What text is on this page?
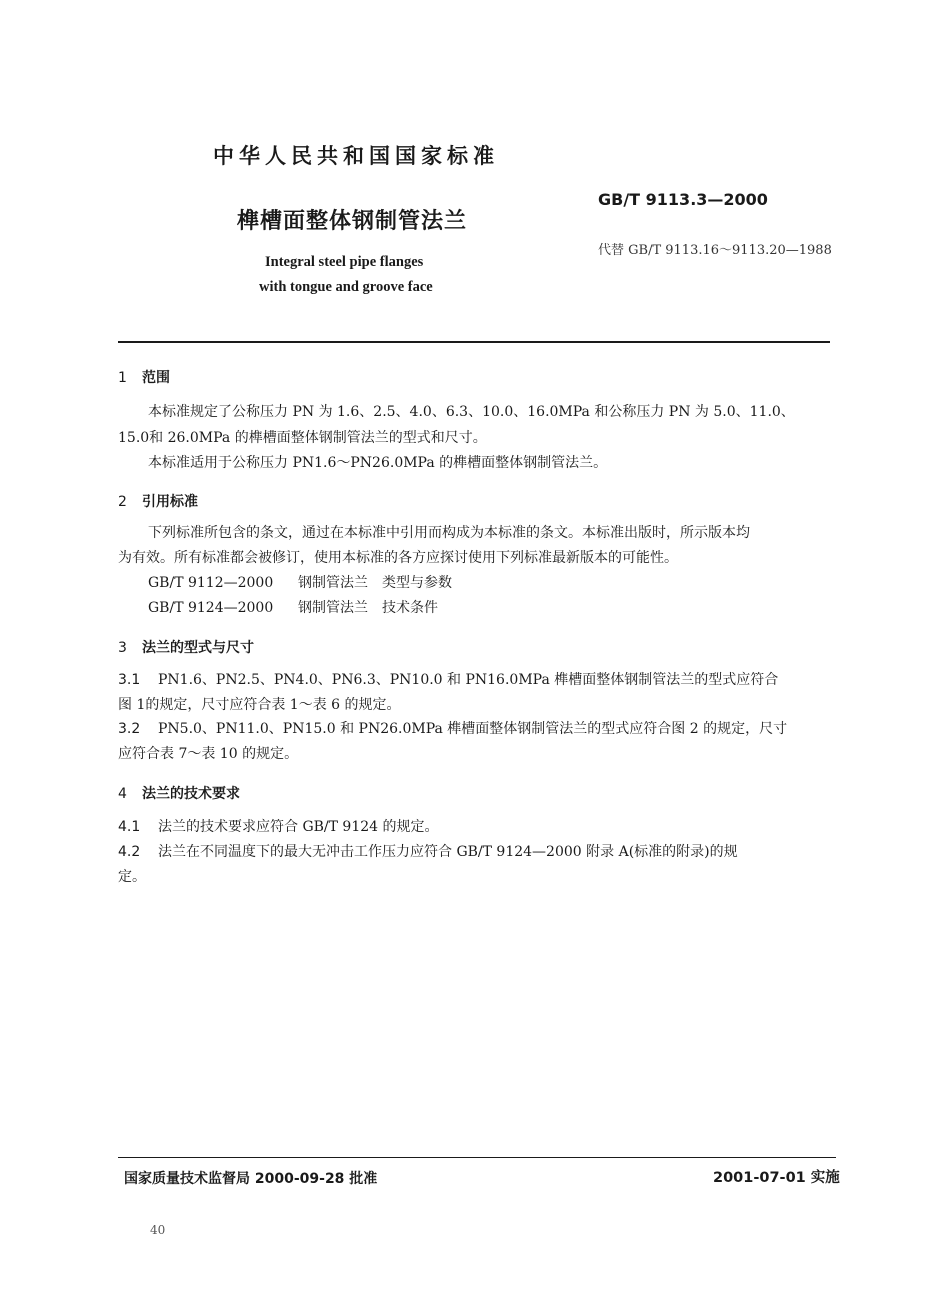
中华人民共和国国家标准
GB/T 9113.3—2000
榫槽面整体钢制管法兰
代替 GB/T 9113.16～9113.20—1988
Integral steel pipe flanges
with tongue and groove face
1 范围
本标准规定了公称压力 PN 为 1.6、2.5、4.0、6.3、10.0、16.0MPa 和公称压力 PN 为 5.0、11.0、
15.0和 26.0MPa 的榫槽面整体钢制管法兰的型式和尺寸。
本标准适用于公称压力 PN1.6～PN26.0MPa 的榫槽面整体钢制管法兰。
2 引用标准
下列标准所包含的条文，通过在本标准中引用而构成为本标准的条文。本标准出版时，所示版本均
为有效。所有标准都会被修订，使用本标准的各方应探讨使用下列标准最新版本的可能性。
GB/T 9112—2000 钢制管法兰　类型与参数
GB/T 9124—2000 钢制管法兰　技术条件
3 法兰的型式与尺寸
3.1 PN1.6、PN2.5、PN4.0、PN6.3、PN10.0 和 PN16.0MPa 榫槽面整体钢制管法兰的型式应符合
图 1的规定，尺寸应符合表 1～表 6 的规定。
3.2 PN5.0、PN11.0、PN15.0 和 PN26.0MPa 榫槽面整体钢制管法兰的型式应符合图 2 的规定，尺寸
应符合表 7～表 10 的规定。
4 法兰的技术要求
4.1 法兰的技术要求应符合 GB/T 9124 的规定。
4.2 法兰在不同温度下的最大无冲击工作压力应符合 GB/T 9124—2000 附录 A(标准的附录)的规
定。
国家质量技术监督局 2000-09-28 批准	2001-07-01 实施
40
